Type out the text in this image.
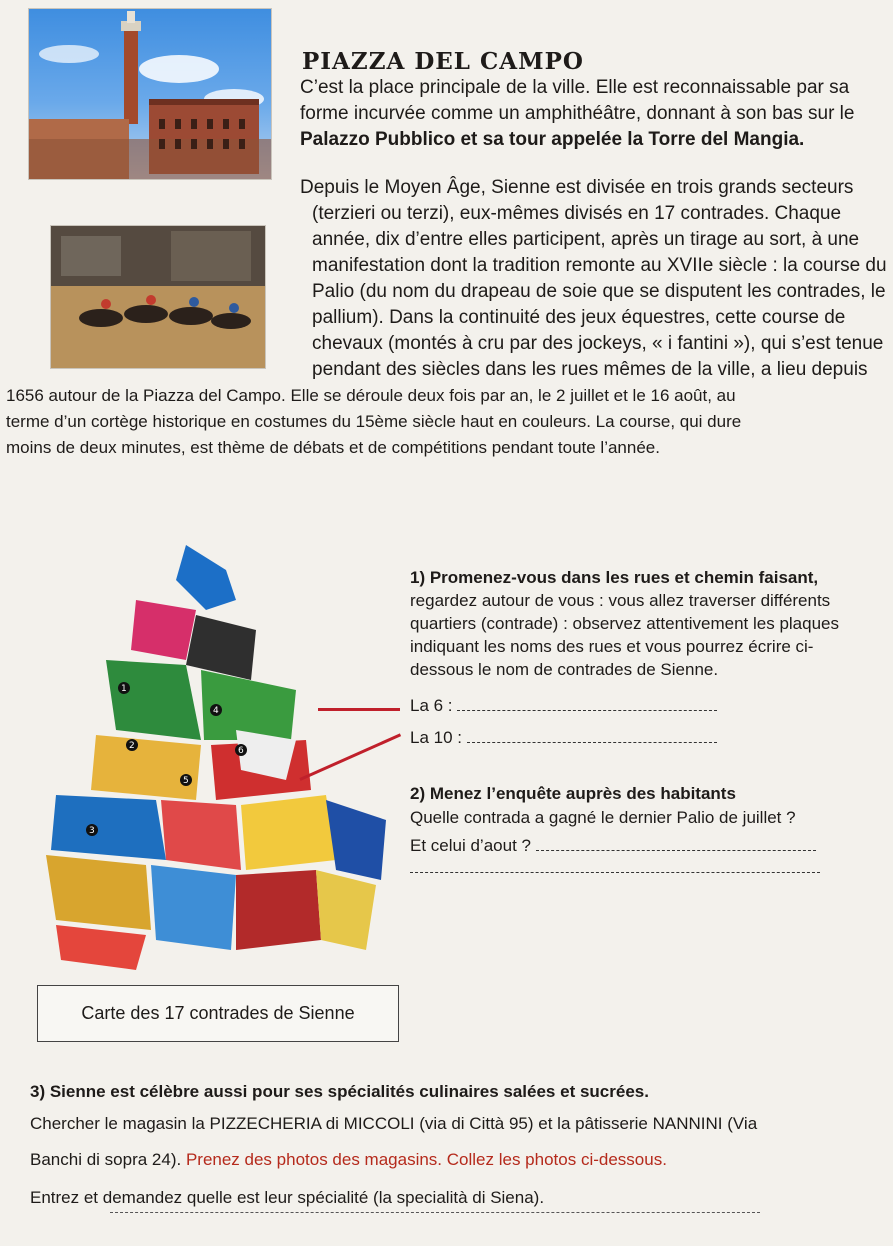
PIAZZA DEL CAMPO
C’est la place principale de la ville. Elle est reconnaissable par sa
forme incurvée comme un amphithéâtre, donnant à son bas sur le
Palazzo Pubblico et sa tour appelée la Torre del Mangia.
Depuis le Moyen Âge, Sienne est divisée en trois grands secteurs
(terzieri ou terzi), eux-mêmes divisés en 17 contrades. Chaque
année, dix d’entre elles participent, après un tirage au sort, à une
manifestation dont la tradition remonte au XVIIe siècle : la course du
Palio (du nom du drapeau de soie que se disputent les contrades, le
pallium). Dans la continuité des jeux équestres, cette course de
chevaux (montés à cru par des jockeys, « i fantini »), qui s’est tenue
pendant des siècles dans les rues mêmes de la ville, a lieu depuis
1656 autour de la Piazza del Campo. Elle se déroule deux fois par an, le 2 juillet et le 16 août, au
terme d’un cortège historique en costumes du 15ème siècle haut en couleurs. La course, qui dure
moins de deux minutes, est thème de débats et de compétitions pendant toute l’année.
1
2
3
4
5
6
1) Promenez-vous dans les rues et chemin faisant,
regardez autour de vous : vous allez traverser différents
quartiers (contrade) : observez attentivement les plaques
indiquant les noms des rues et vous pourrez écrire ci-
dessous le nom de contrades de Sienne.
La 6 :
La 10 :
2) Menez l’enquête auprès des habitants
Quelle contrada a gagné le dernier Palio de juillet ?
Et celui d’aout ?
Carte des 17 contrades de Sienne
3) Sienne est célèbre aussi pour ses spécialités culinaires salées et sucrées.
Chercher le magasin la PIZZECHERIA di MICCOLI (via di Città 95) et la pâtisserie NANNINI (Via
Banchi di sopra 24). Prenez des photos des magasins. Collez les photos ci-dessous.
Entrez et demandez quelle est leur spécialité (la specialità di Siena).
